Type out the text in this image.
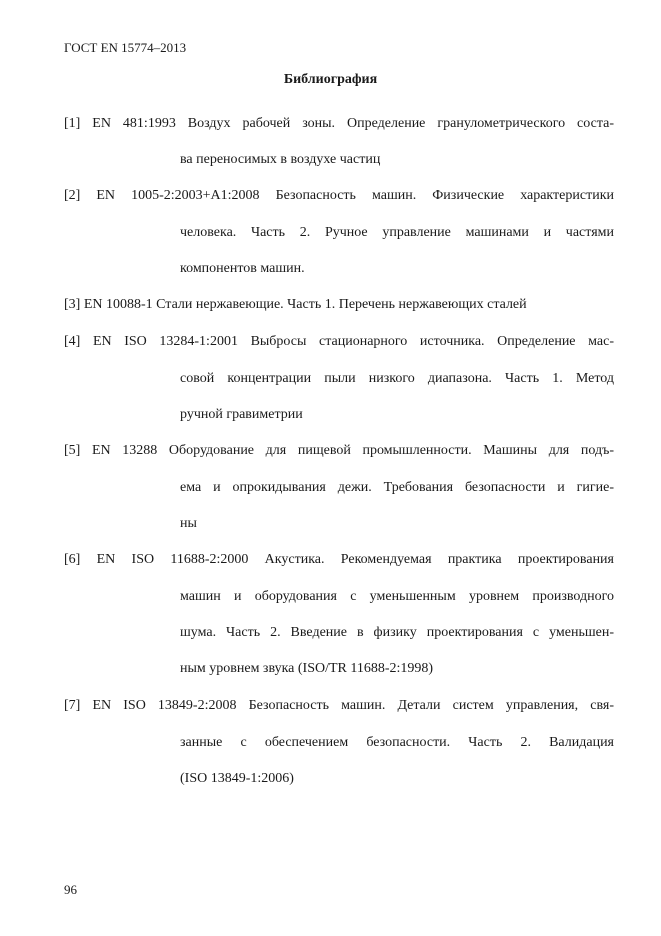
ГОСТ EN 15774–2013
Библиография
[1] EN 481:1993 Воздух рабочей зоны. Определение гранулометрического соста-
ва переносимых в воздухе частиц
[2] EN 1005-2:2003+A1:2008 Безопасность машин. Физические характеристики
человека. Часть 2. Ручное управление машинами и частями
компонентов машин.
[3] EN 10088-1 Стали нержавеющие. Часть 1. Перечень нержавеющих сталей
[4] EN ISO 13284-1:2001 Выбросы стационарного источника. Определение мас-
совой концентрации пыли низкого диапазона. Часть 1. Метод
ручной гравиметрии
[5] EN 13288 Оборудование для пищевой промышленности. Машины для подъ-
ема и опрокидывания дежи. Требования безопасности и гигие-
ны
[6] EN ISO 11688-2:2000 Акустика. Рекомендуемая практика проектирования
машин и оборудования с уменьшенным уровнем производного
шума. Часть 2. Введение в физику проектирования с уменьшен-
ным уровнем звука (ISO/TR 11688-2:1998)
[7] EN ISO 13849-2:2008 Безопасность машин. Детали систем управления, свя-
занные с обеспечением безопасности. Часть 2. Валидация
(ISO 13849-1:2006)
96
